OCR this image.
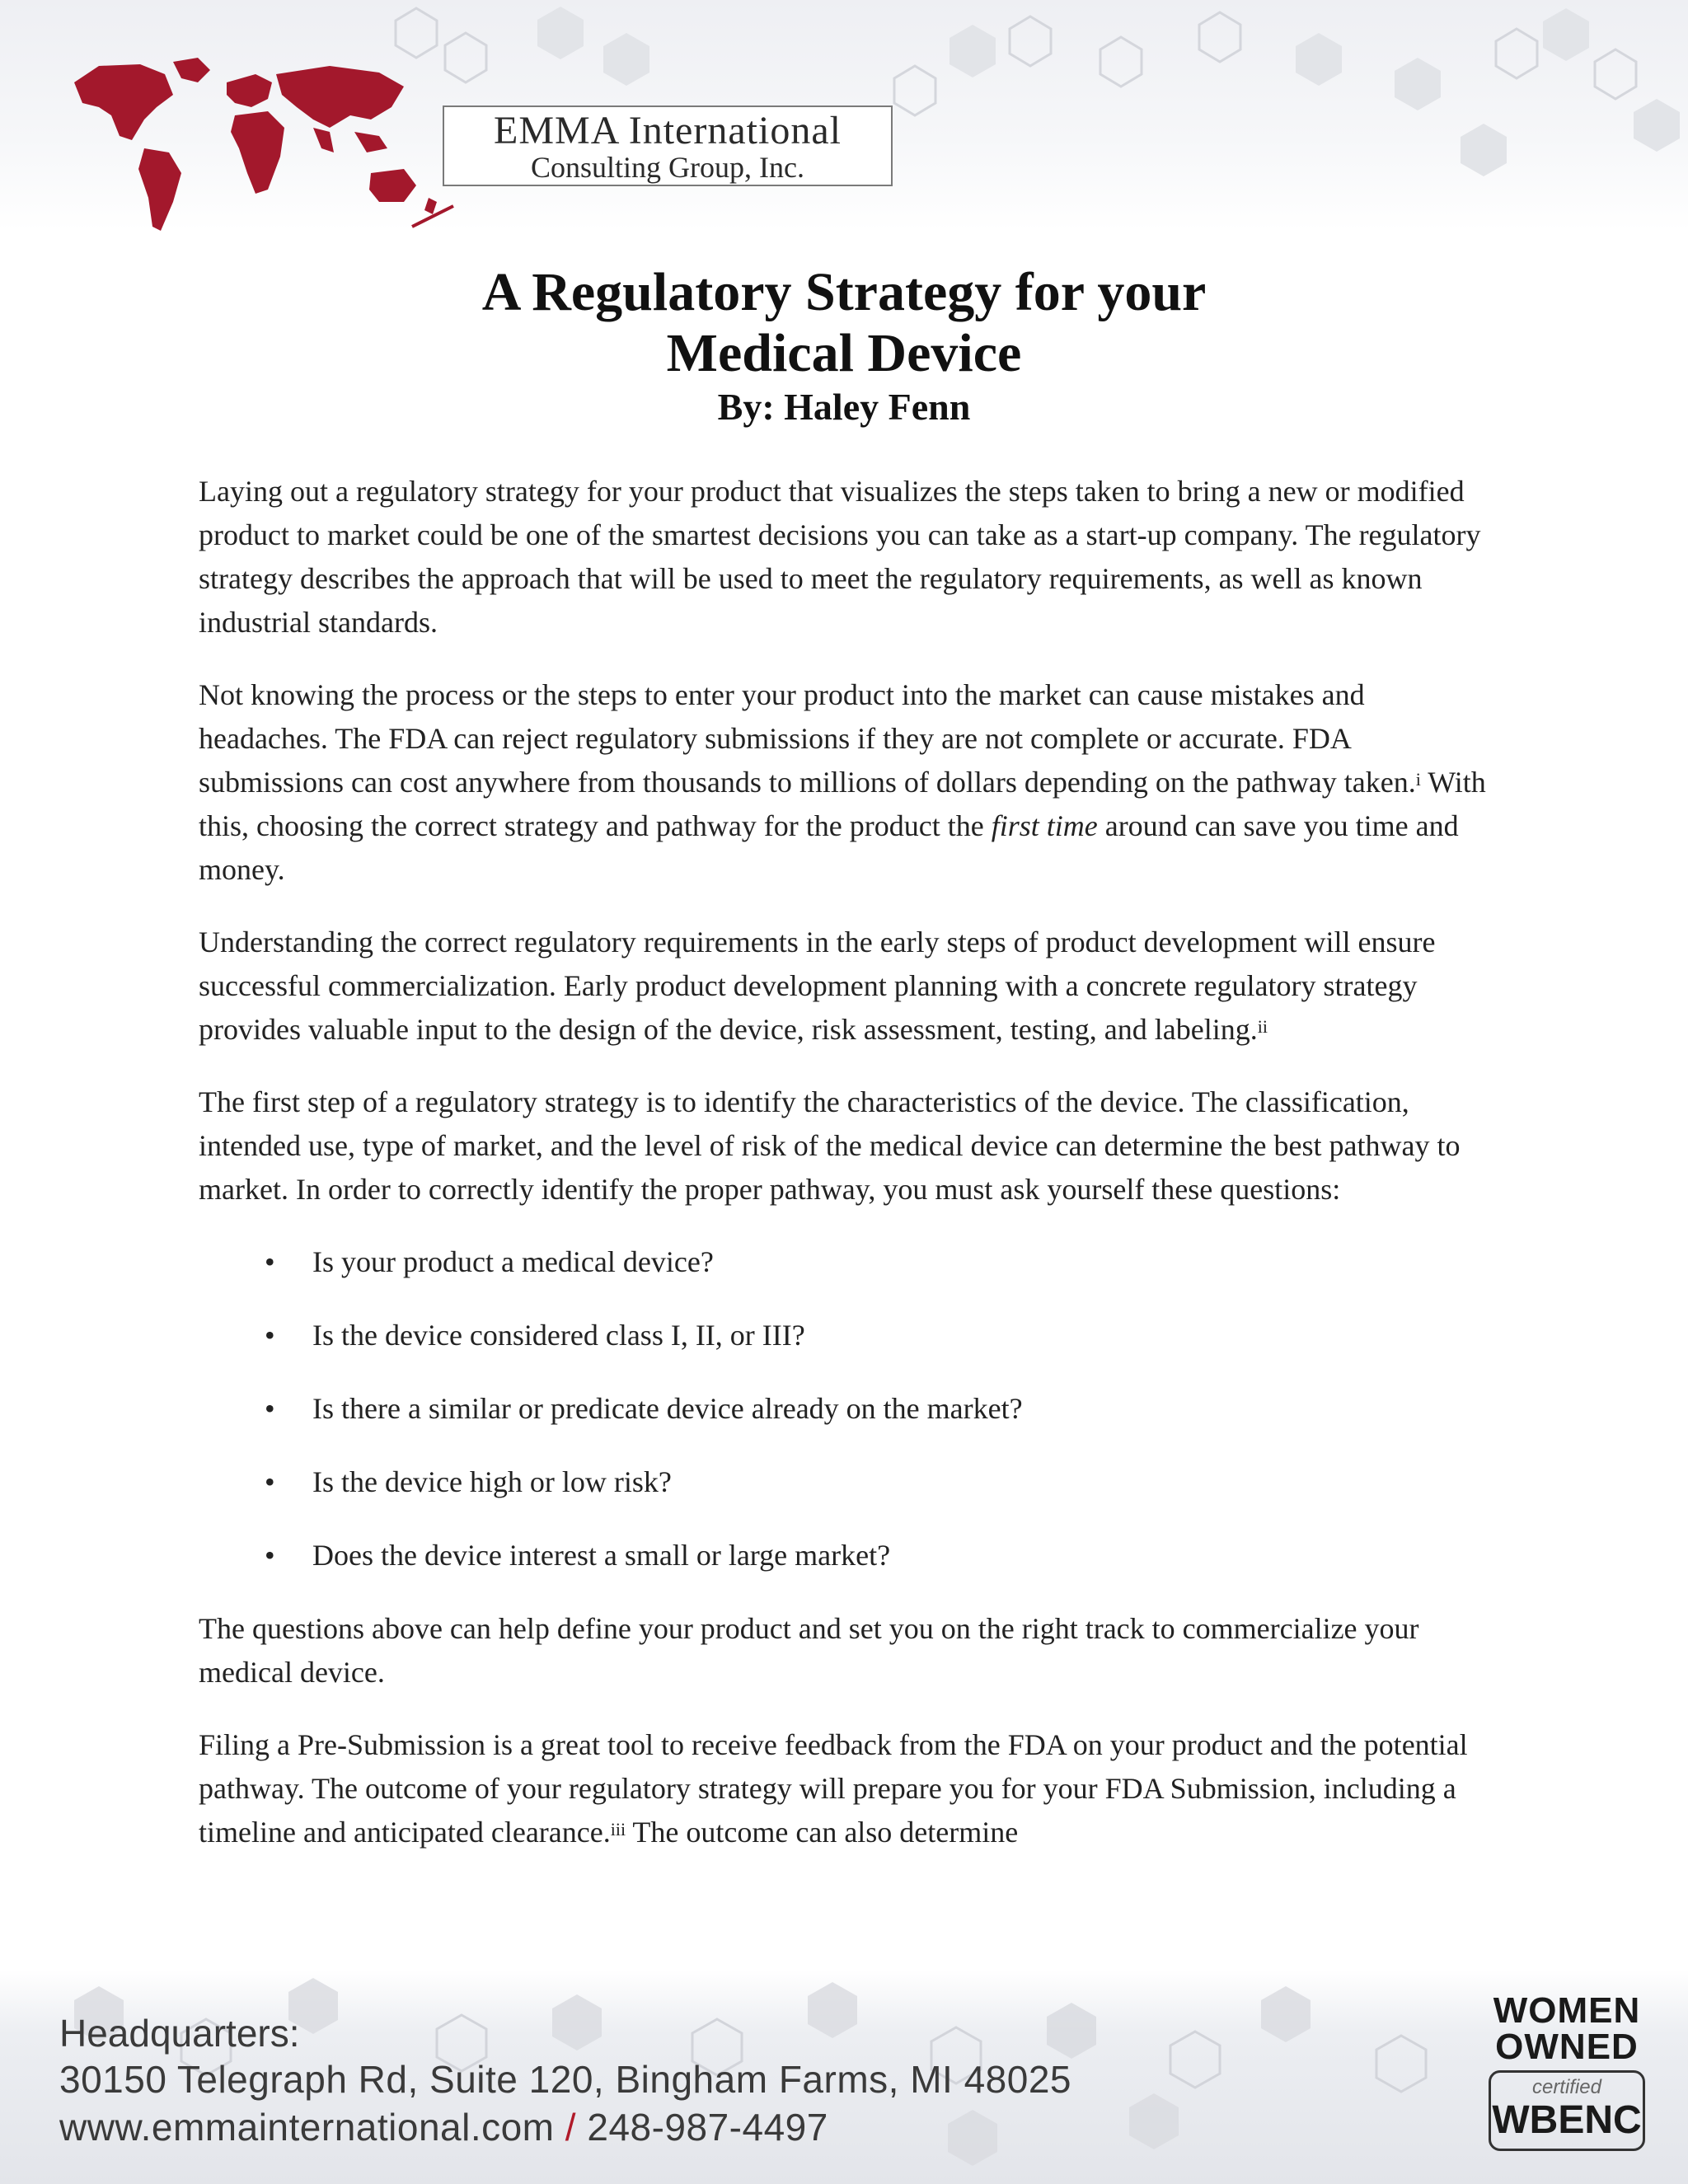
EMMA International
Consulting Group, Inc.
A Regulatory Strategy for your
Medical Device

By: Haley Fenn

Laying out a regulatory strategy for your product that visualizes the steps taken to bring a new or modified product to market could be one of the smartest decisions you can take as a start-up company. The regulatory strategy describes the approach that will be used to meet the regulatory requirements, as well as known industrial standards.

Not knowing the process or the steps to enter your product into the market can cause mistakes and headaches. The FDA can reject regulatory submissions if they are not complete or accurate. FDA submissions can cost anywhere from thousands to millions of dollars depending on the pathway taken.$^i$ With this, choosing the correct strategy and pathway for the product the first time around can save you time and money.

Understanding the correct regulatory requirements in the early steps of product development will ensure successful commercialization. Early product development planning with a concrete regulatory strategy provides valuable input to the design of the device, risk assessment, testing, and labeling.$^{ii}$

The first step of a regulatory strategy is to identify the characteristics of the device. The classification, intended use, type of market, and the level of risk of the medical device can determine the best pathway to market. In order to correctly identify the proper pathway, you must ask yourself these questions:

• Is your product a medical device?
• Is the device considered class I, II, or III?
• Is there a similar or predicate device already on the market?
• Is the device high or low risk?
• Does the device interest a small or large market?

The questions above can help define your product and set you on the right track to commercialize your medical device.

Filing a Pre-Submission is a great tool to receive feedback from the FDA on your product and the potential pathway. The outcome of your regulatory strategy will prepare you for your FDA Submission, including a timeline and anticipated clearance.$^{iii}$ The outcome can also determine

Headquarters:
30150 Telegraph Rd, Suite 120, Bingham Farms, MI 48025
www.emmainternational.com / 248-987-4497
WOMEN
OWNED
certified
WBENC
